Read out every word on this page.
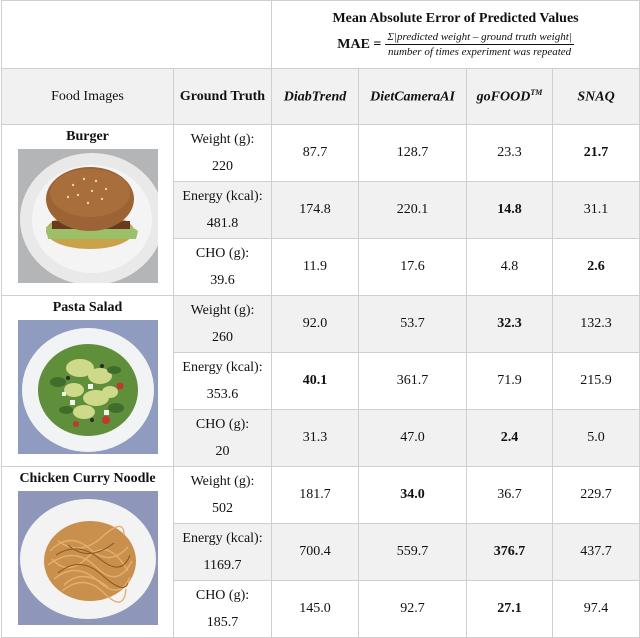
		Mean Absolute Error of Predicted Values
MAE = $\frac{\text{Σ|predicted weight – ground truth weight|}}{\text{number of times experiment was repeated}}$

Food Images	Ground Truth	DiabTrend	DietCameraAI	goFOOD™	SNAQ

Burger	Weight (g):
220	87.7	128.7	23.3	21.7

	Energy (kcal):
481.8	174.8	220.1	14.8	31.1

	CHO (g):
39.6	11.9	17.6	4.8	2.6

Pasta Salad	Weight (g):
260	92.0	53.7	32.3	132.3

	Energy (kcal):
353.6	40.1	361.7	71.9	215.9

	CHO (g):
20	31.3	47.0	2.4	5.0

Chicken Curry Noodle	Weight (g):
502	181.7	34.0	36.7	229.7

	Energy (kcal):
1169.7	700.4	559.7	376.7	437.7

	CHO (g):
185.7	145.0	92.7	27.1	97.4
